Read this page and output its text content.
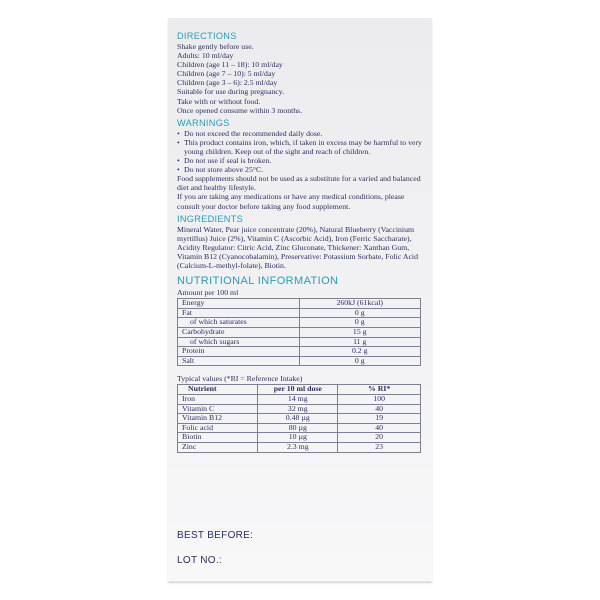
DIRECTIONS

Shake gently before use.

Adults: 10 ml/day

Children (age 11 – 18): 10 ml/day

Children (age 7 – 10): 5 ml/day

Children (age 3 – 6): 2.5 ml/day

Suitable for use during pregnancy.

Take with or without food.

Once opened consume within 3 months.

WARNINGS

• Do not exceed the recommended daily dose.
• This product contains iron, which, if taken in excess may be harmful to very young children. Keep out of the sight and reach of children.
• Do not use if seal is broken.
• Do not store above 25°C.

Food supplements should not be used as a substitute for a varied and balanced diet and healthy lifestyle.

If you are taking any medications or have any medical conditions, please consult your doctor before taking any food supplement.

INGREDIENTS

Mineral Water, Pear juice concentrate (20%), Natural Blueberry (Vaccinium myrtillus) Juice (2%), Vitamin C (Ascorbic Acid), Iron (Ferric Saccharate), Acidity Regulator: Citric Acid, Zinc Gluconate, Thickener: Xanthan Gum, Vitamin B12 (Cyanocobalamin), Preservative: Potassium Sorbate, Folic Acid (Calcium-L-methyl-folate), Biotin.

NUTRITIONAL INFORMATION

Amount per 100 ml

Energy	260kJ (61kcal)
Fat	0 g
of which saturates	0 g
Carbohydrate	15 g
of which sugars	11 g
Protein	0.2 g
Salt	0 g

Typical values (*RI = Reference Intake)

Nutrient	per 10 ml dose	% RI*
Iron	14 mg	100
Vitamin C	32 mg	40
Vitamin B12	0.48 µg	19
Folic acid	80 µg	40
Biotin	10 µg	20
Zinc	2.3 mg	23
BEST BEFORE:
LOT NO.:
